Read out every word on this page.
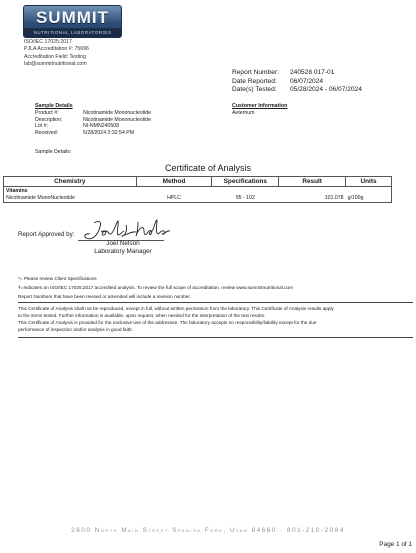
SUMMIT
NUTRITIONAL LABORATORIES
ISO/IEC 17025:2017
PJLA Accreditation #: 75696
Accreditation Field: Testing
lab@summitnutritional.com
Report Number:	240528 017-01
Date Reported:	06/07/2024
Date(s) Tested:	05/28/2024 - 06/07/2024
Sample Details
Product #:	Nicotinamide Mononucleotide
Description:	Nicotinamide Mononucleotide
Lot #:	NI-NMN240508
Received:	5/28/2024 2:32:54 PM
Customer Information
Aeternum
Sample Details:
Certificate of Analysis
Chemistry	Method	Specifications	Result	Units
Vitamins				
Nicotinamide MonoNucleotide	HPLC	95 - 102	101.078	g/100g
Report Approved by:
Joel Nelson
Laboratory Manager
*= Please review Client Specifications
ǂ=Indicates an ISO/IEC 17025:2017 accredited analysis. To review the full scope of accreditation, review www.summitnutritional.com
Report Numbers that have been revised or amended will include a revision number.
This Certificate of Analysis shall not be reproduced, except in full, without written permission from the laboratory. This Certificate of Analysis results apply
to the items tested. Further information is available, upon request, when needed for the interpretation of the test results.
This Certificate of Analysis is provided for the exclusive use of the addressee. The laboratory accepts no responsibility/liability except for the due
performance of inspection and/or analysis in good faith.
2600 North Main Street Spanish Fork, Utah 84660 · 801-210-2084
Page 1 of 1
